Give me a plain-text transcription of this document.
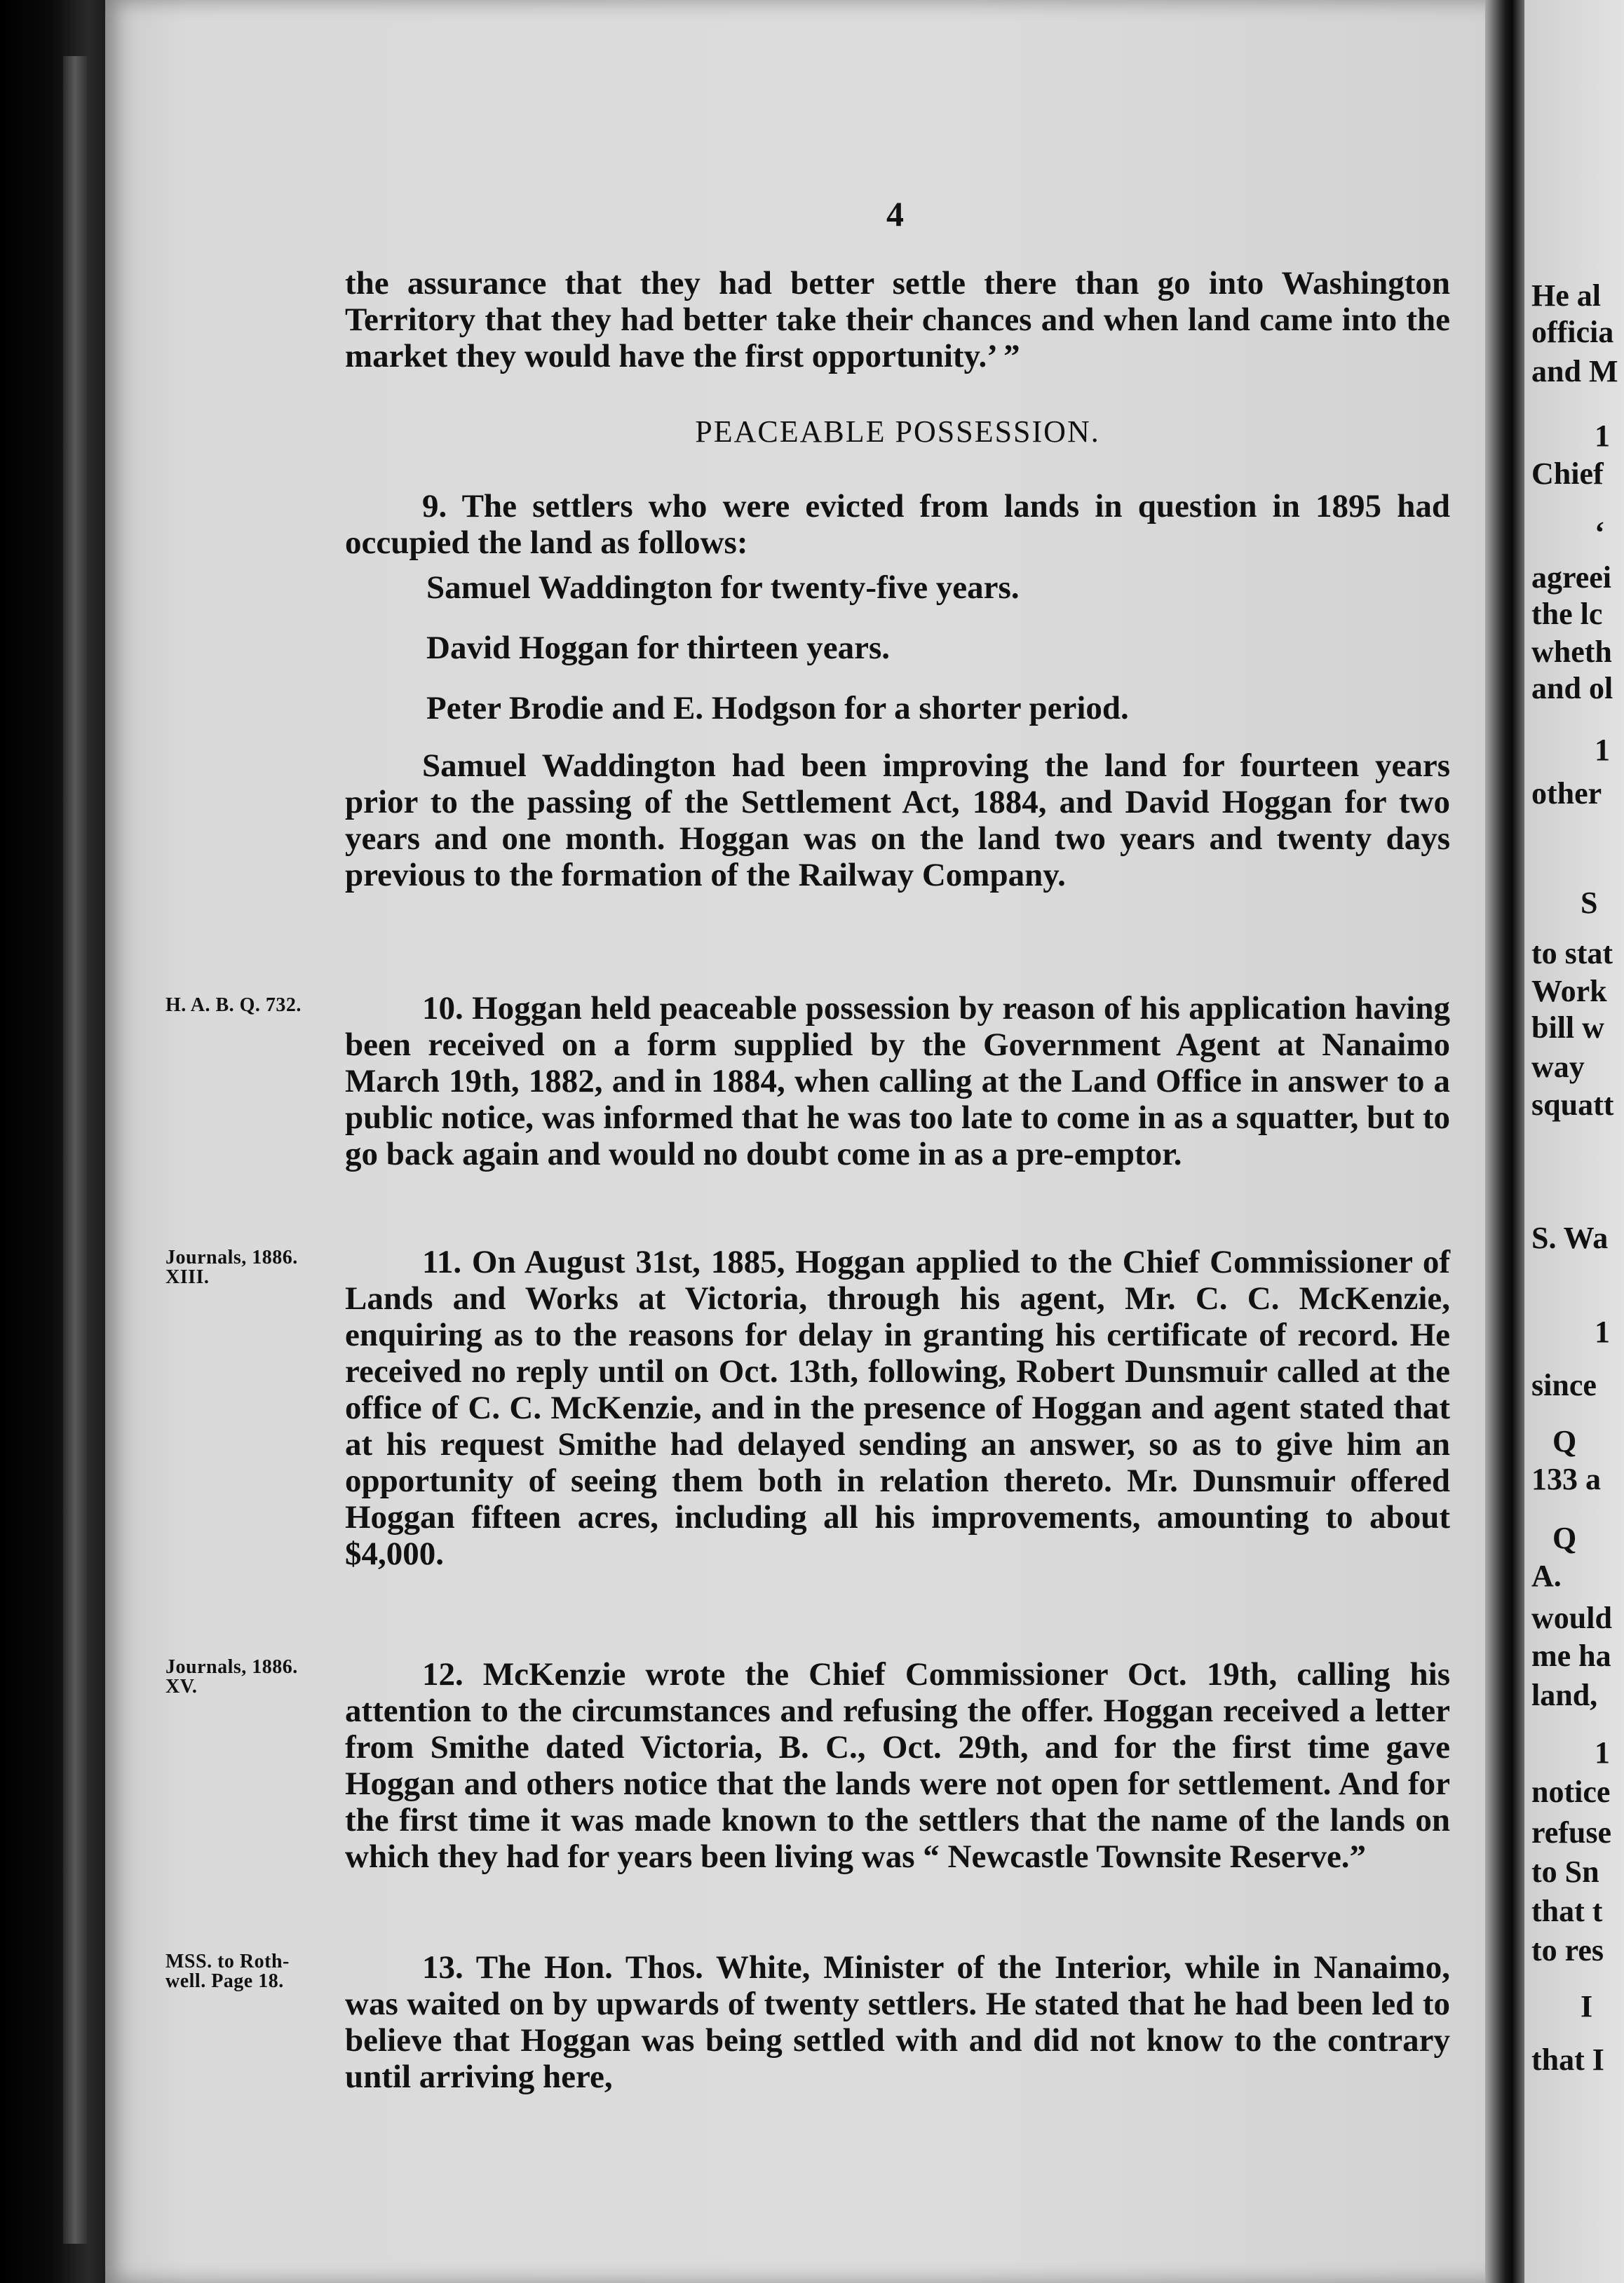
4

the assurance that they had better settle there than go into Washington Territory that they had better take their chances and when land came into the market they would have the first opportunity.’ ”

PEACEABLE POSSESSION.

9. The settlers who were evicted from lands in question in 1895 had occupied the land as follows:

Samuel Waddington for twenty-five years.
David Hoggan for thirteen years.
Peter Brodie and E. Hodgson for a shorter period.

Samuel Waddington had been improving the land for fourteen years prior to the passing of the Settlement Act, 1884, and David Hoggan for two years and one month. Hoggan was on the land two years and twenty days previous to the formation of the Railway Company.

10. Hoggan held peaceable possession by reason of his application having been received on a form supplied by the Government Agent at Nanaimo March 19th, 1882, and in 1884, when calling at the Land Office in answer to a public notice, was informed that he was too late to come in as a squatter, but to go back again and would no doubt come in as a pre-emptor.

11. On August 31st, 1885, Hoggan applied to the Chief Commissioner of Lands and Works at Victoria, through his agent, Mr. C. C. McKenzie, enquiring as to the reasons for delay in granting his certificate of record. He received no reply until on Oct. 13th, following, Robert Dunsmuir called at the office of C. C. McKenzie, and in the presence of Hoggan and agent stated that at his request Smithe had delayed sending an answer, so as to give him an opportunity of seeing them both in relation thereto. Mr. Dunsmuir offered Hoggan fifteen acres, including all his improvements, amounting to about $4,000.

12. McKenzie wrote the Chief Commissioner Oct. 19th, calling his attention to the circumstances and refusing the offer. Hoggan received a letter from Smithe dated Victoria, B. C., Oct. 29th, and for the first time gave Hoggan and others notice that the lands were not open for settlement. And for the first time it was made known to the settlers that the name of the lands on which they had for years been living was “ Newcastle Townsite Reserve.”

13. The Hon. Thos. White, Minister of the Interior, while in Nanaimo, was waited on by upwards of twenty settlers. He stated that he had been led to believe that Hoggan was being settled with and did not know to the contrary until arriving here,

H. A. B. Q. 732.
Journals, 1886.
XIII.
Journals, 1886.
XV.
MSS. to Roth-
well. Page 18.
He al
officia
and M
1
Chief
‘
agreei
the lc
wheth
and ol
1
other
S
to stat
Work
bill w
way
squatt
S. Wa
1
since
Q
133 a
Q
A.
would
me ha
land,
1
notice
refuse
to Sn
that t
to res
I
that I
